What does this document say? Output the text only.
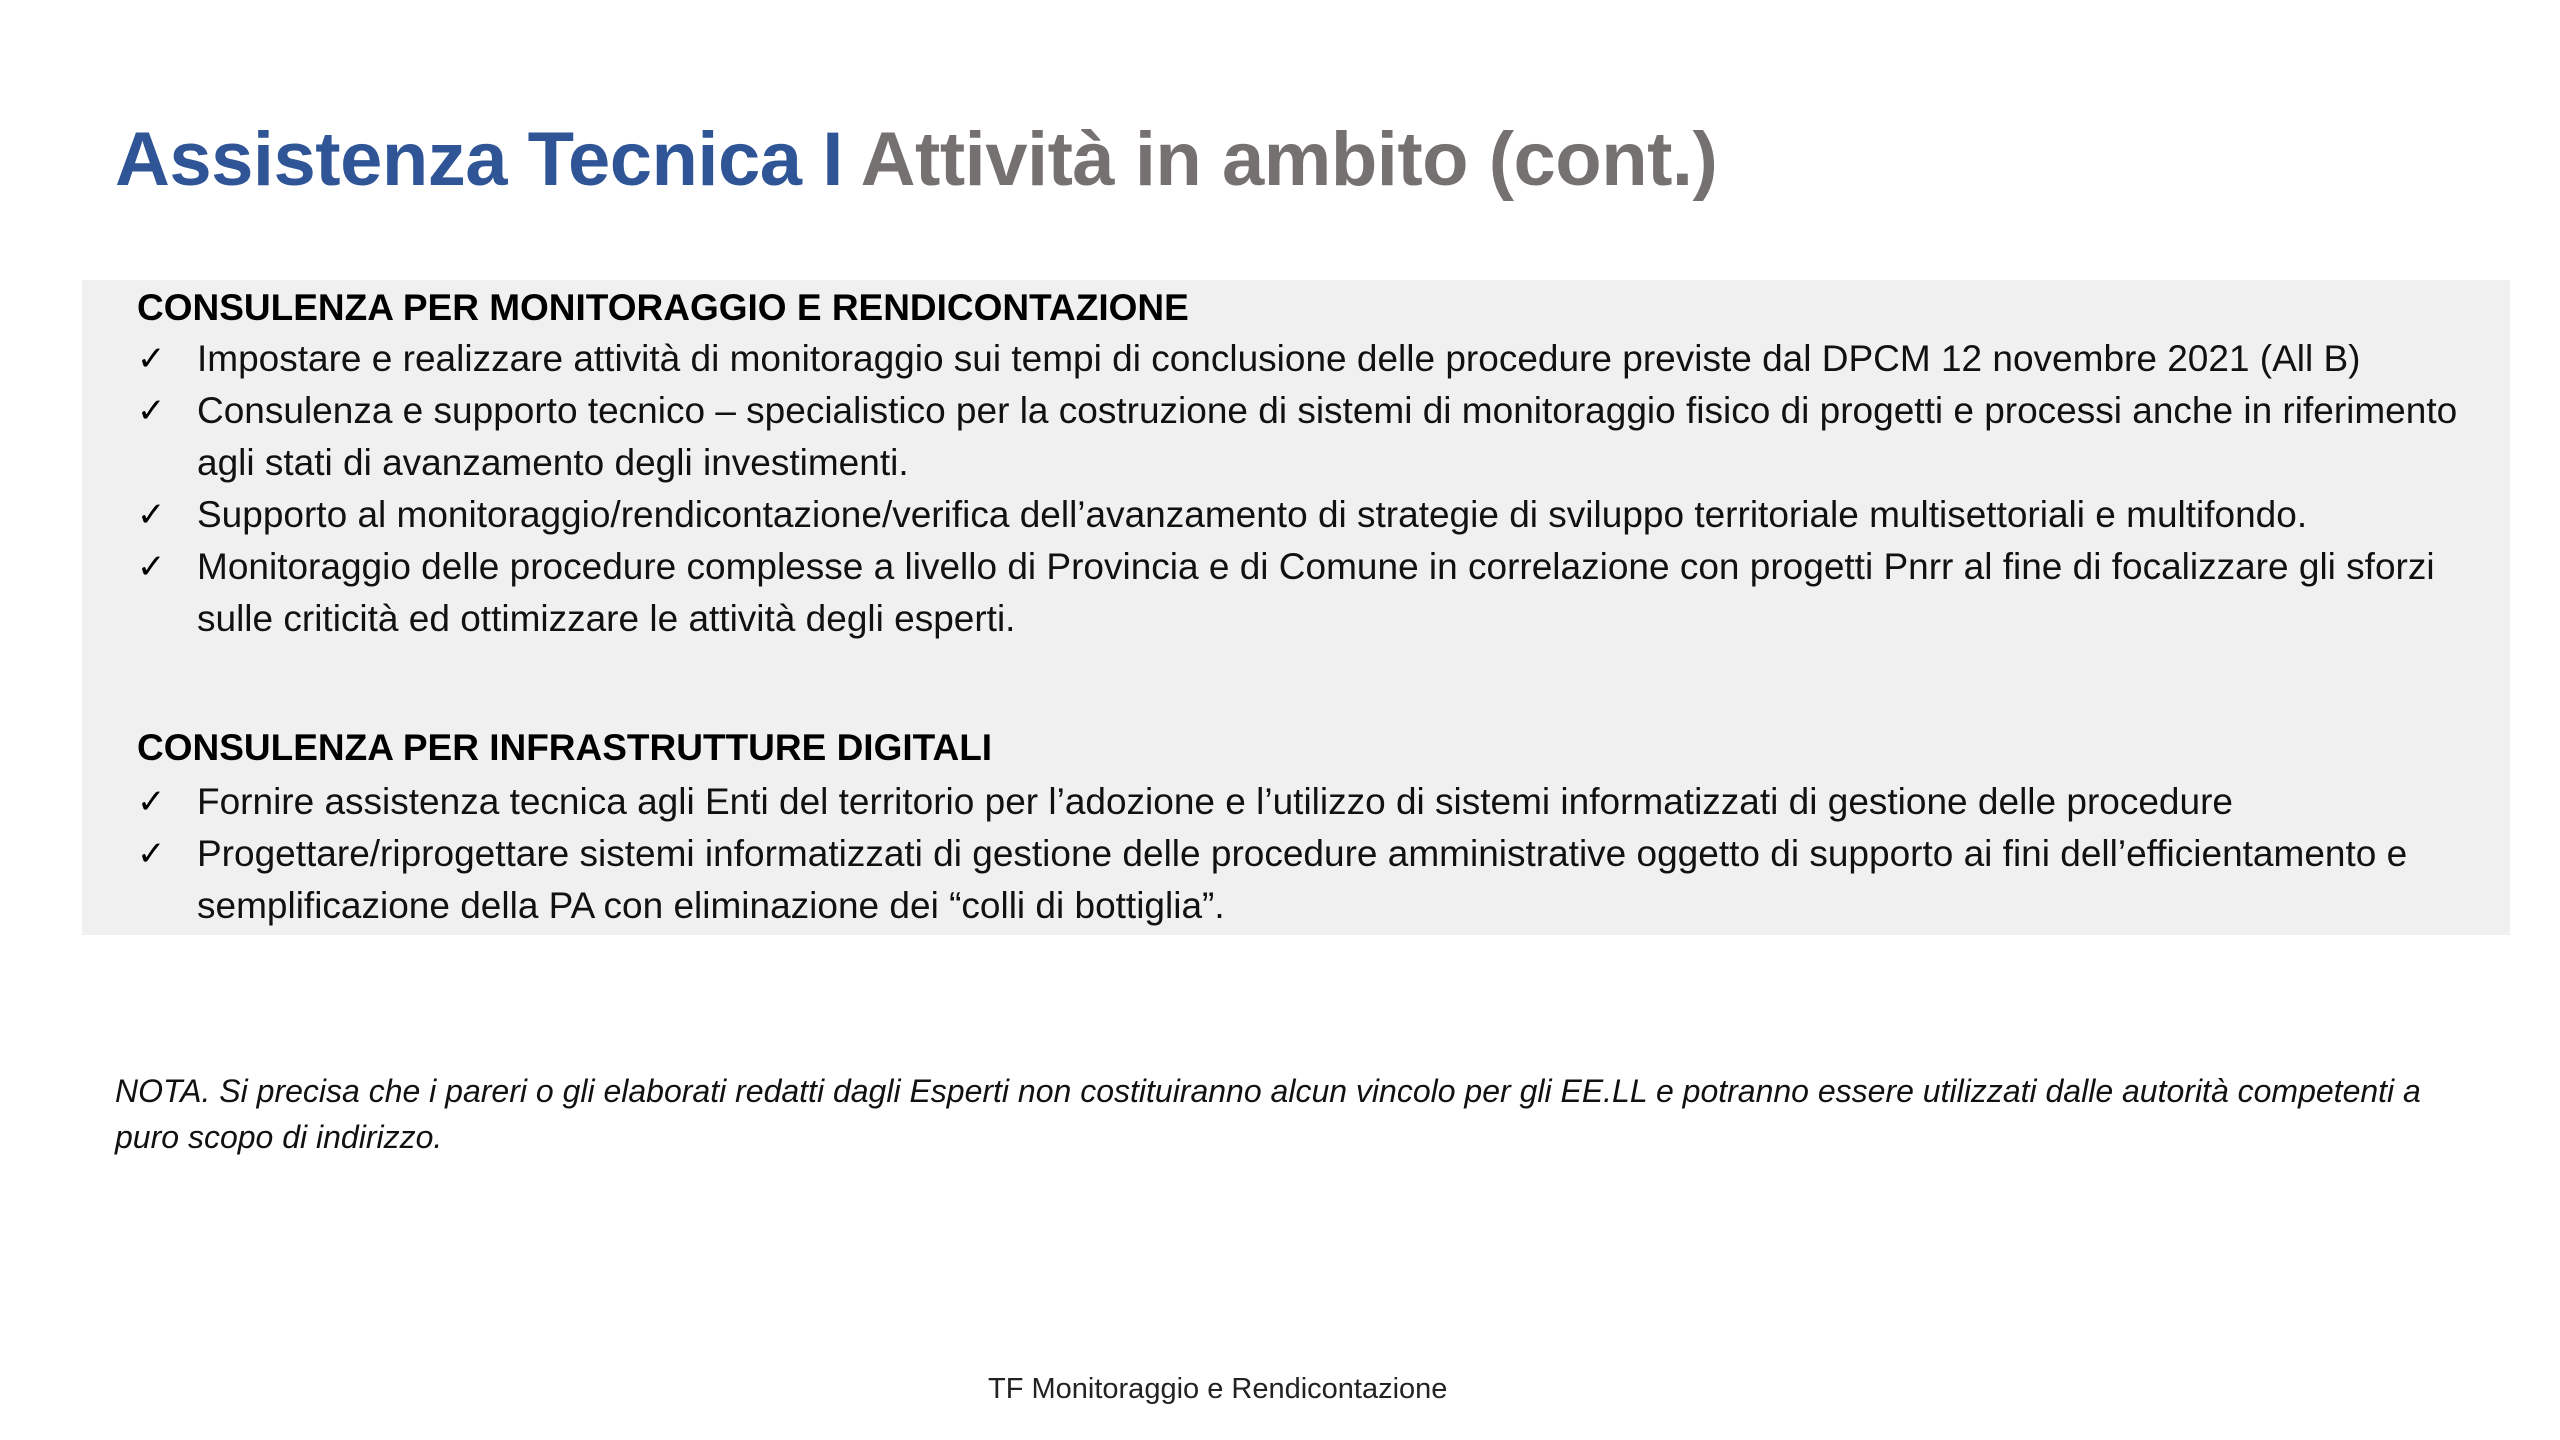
Assistenza Tecnica I Attività in ambito (cont.)
CONSULENZA PER MONITORAGGIO E RENDICONTAZIONE
✓ Impostare e realizzare attività di monitoraggio sui tempi di conclusione delle procedure previste dal DPCM 12 novembre 2021 (All B)
✓ Consulenza e supporto tecnico – specialistico per la costruzione di sistemi di monitoraggio fisico di progetti e processi anche in riferimento agli stati di avanzamento degli investimenti.
✓ Supporto al monitoraggio/rendicontazione/verifica dell’avanzamento di strategie di sviluppo territoriale multisettoriali e multifondo.
✓ Monitoraggio delle procedure complesse a livello di Provincia e di Comune in correlazione con progetti Pnrr al fine di focalizzare gli sforzi sulle criticità ed ottimizzare le attività degli esperti.
CONSULENZA PER INFRASTRUTTURE DIGITALI
✓ Fornire assistenza tecnica agli Enti del territorio per l’adozione e l’utilizzo di sistemi informatizzati di gestione delle procedure
✓ Progettare/riprogettare sistemi informatizzati di gestione delle procedure amministrative oggetto di supporto ai fini dell’efficientamento e semplificazione della PA con eliminazione dei “colli di bottiglia”.

NOTA. Si precisa che i pareri o gli elaborati redatti dagli Esperti non costituiranno alcun vincolo per gli EE.LL e potranno essere utilizzati dalle autorità competenti a puro scopo di indirizzo.

TF Monitoraggio e Rendicontazione
